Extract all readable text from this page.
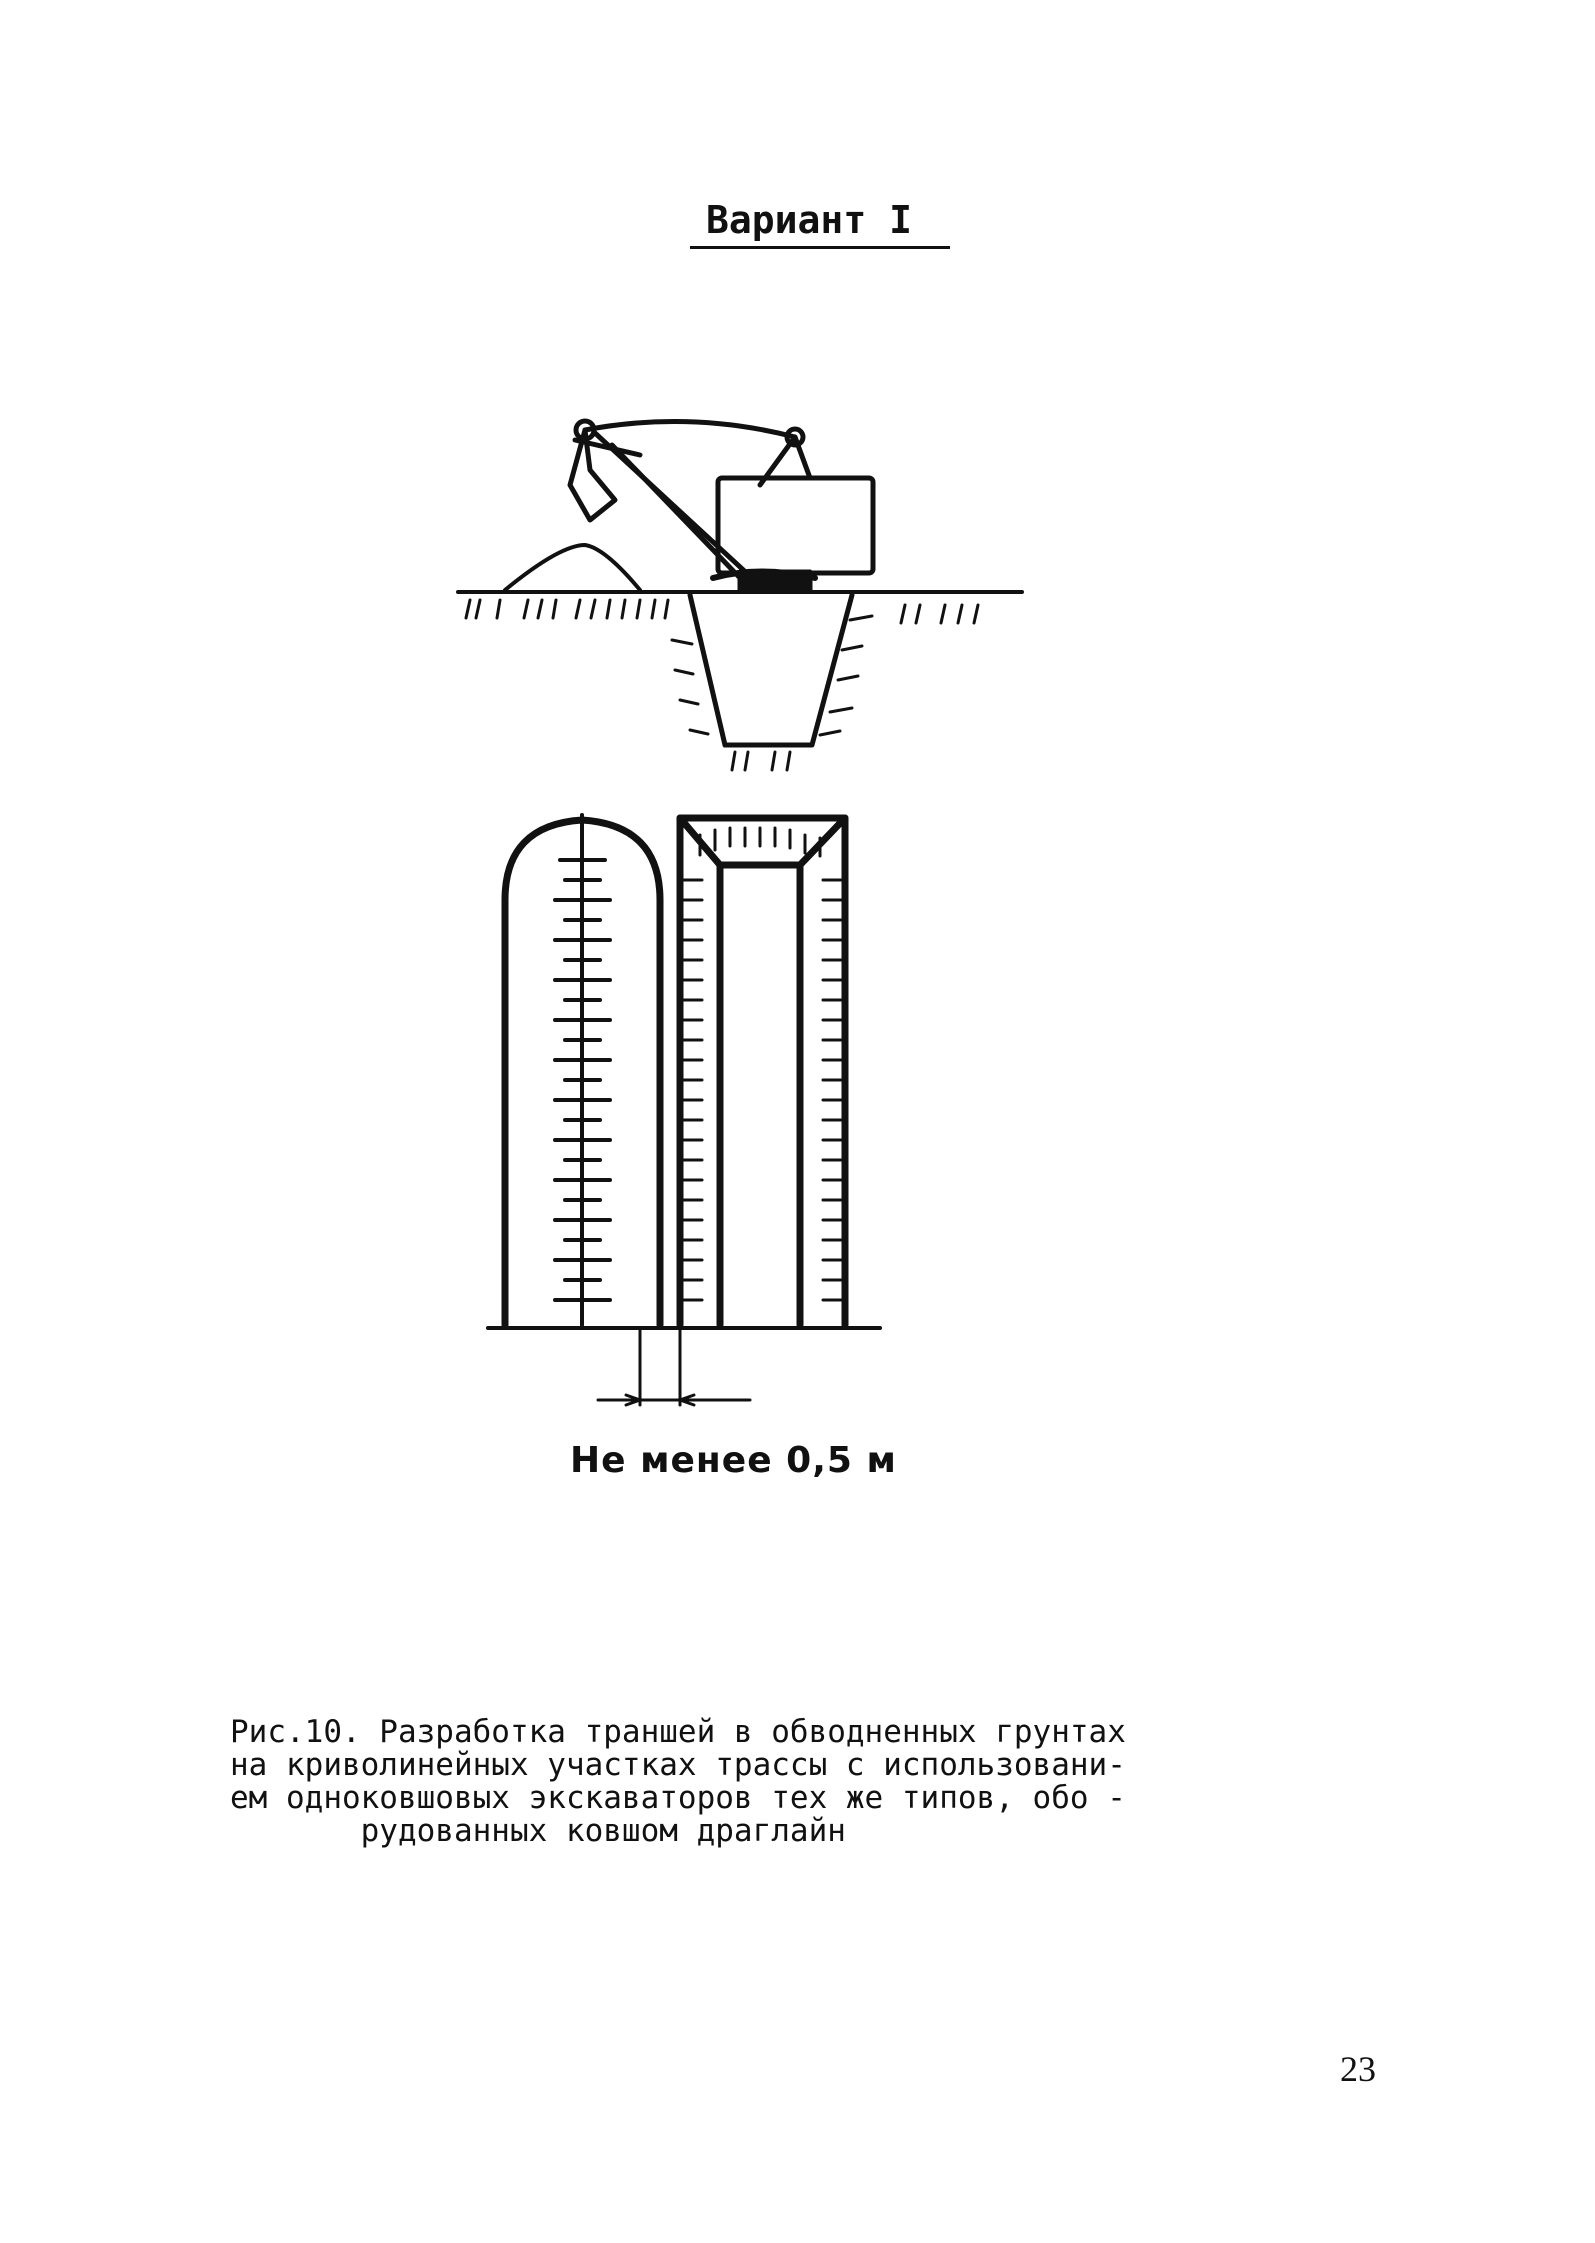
Вариант I
Не менее 0,5 м
Рис.10. Разработка траншей в обводненных грунтах
на криволинейных участках трассы с использовани-
ем одноковшовых экскаваторов тех же типов, обо -
рудованных ковшом драглайн
23
